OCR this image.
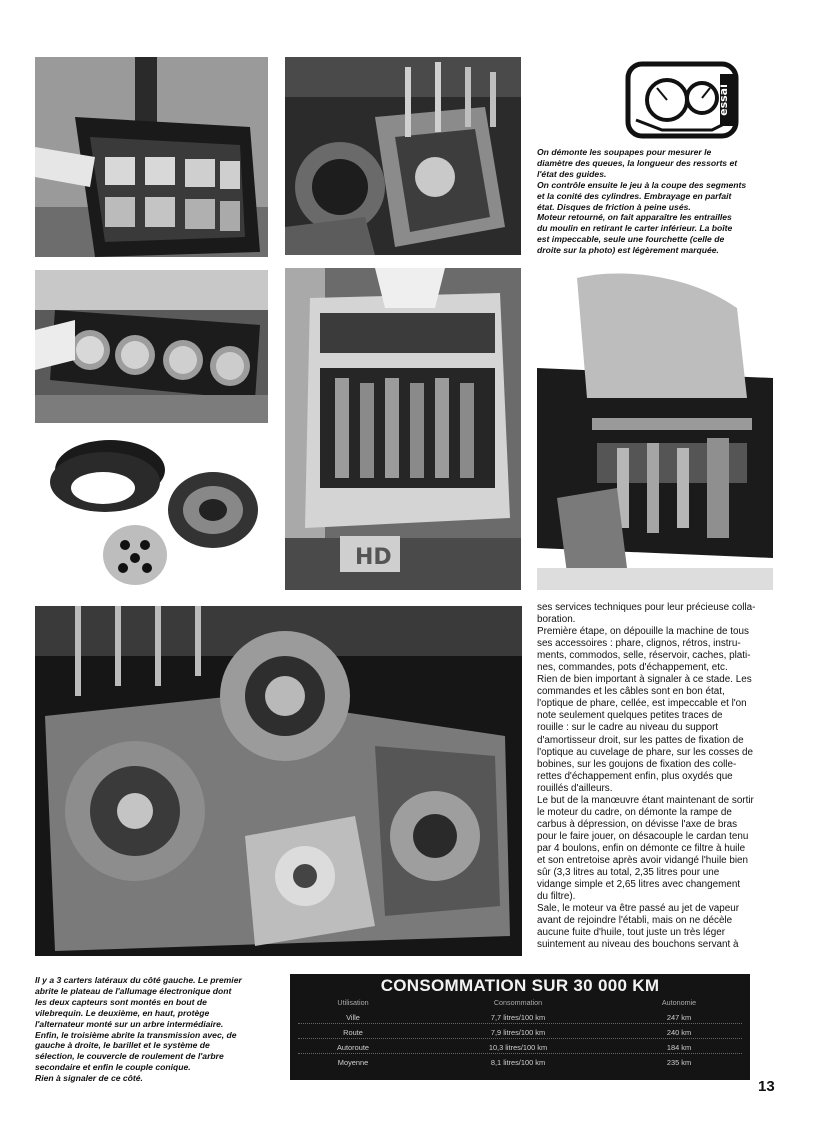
essai

On démonte les soupapes pour mesurer le

diamètre des queues, la longueur des ressorts et

l'état des guides.

On contrôle ensuite le jeu à la coupe des segments

et la conité des cylindres. Embrayage en parfait

état. Disques de friction à peine usés.

Moteur retourné, on fait apparaître les entrailles

du moulin en retirant le carter inférieur. La boîte

est impeccable, seule une fourchette (celle de

droite sur la photo) est légèrement marquée.

HD

ses services techniques pour leur précieuse colla-

boration.

Première étape, on dépouille la machine de tous

ses accessoires : phare, clignos, rétros, instru-

ments, commodos, selle, réservoir, caches, plati-

nes, commandes, pots d'échappement, etc.

Rien de bien important à signaler à ce stade. Les

commandes et les câbles sont en bon état,

l'optique de phare, cellée, est impeccable et l'on

note seulement quelques petites traces de

rouille : sur le cadre au niveau du support

d'amortisseur droit, sur les pattes de fixation de

l'optique au cuvelage de phare, sur les cosses de

bobines, sur les goujons de fixation des colle-

rettes d'échappement enfin, plus oxydés que

rouillés d'ailleurs.

Le but de la manœuvre étant maintenant de sortir

le moteur du cadre, on démonte la rampe de

carbus à dépression, on dévisse l'axe de bras

pour le faire jouer, on désacouple le cardan tenu

par 4 boulons, enfin on démonte ce filtre à huile

et son entretoise après avoir vidangé l'huile bien

sûr (3,3 litres au total, 2,35 litres pour une

vidange simple et 2,65 litres avec changement

du filtre).

Sale, le moteur va être passé au jet de vapeur

avant de rejoindre l'établi, mais on ne décèle

aucune fuite d'huile, tout juste un très léger

suintement au niveau des bouchons servant à

Il y a 3 carters latéraux du côté gauche. Le premier

abrite le plateau de l'allumage électronique dont

les deux capteurs sont montés en bout de

vilebrequin. Le deuxième, en haut, protège

l'alternateur monté sur un arbre intermédiaire.

Enfin, le troisième abrite la transmission avec, de

gauche à droite, le barillet et le système de

sélection, le couvercle de roulement de l'arbre

secondaire et enfin le couple conique.

Rien à signaler de ce côté.

CONSOMMATION SUR 30 000 KM
Utilisation	Consommation	Autonomie
Ville	7,7 litres/100 km	247 km
Route	7,9 litres/100 km	240 km
Autoroute	10,3 litres/100 km	184 km
Moyenne	8,1 litres/100 km	235 km
13
